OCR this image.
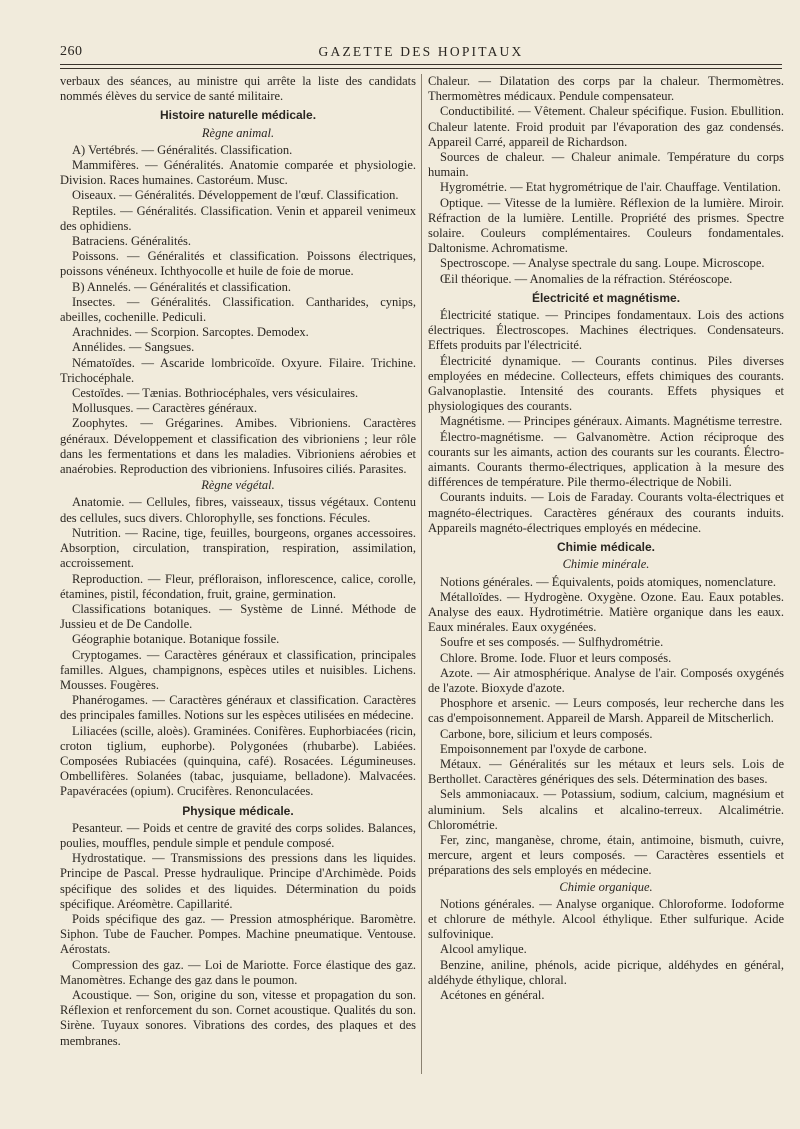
260	GAZETTE DES HOPITAUX

verbaux des séances, au ministre qui arrête la liste des candidats nommés élèves du service de santé militaire.

Histoire naturelle médicale.

Règne animal.

A) Vertébrés. — Généralités. Classification.

Mammifères. — Généralités. Anatomie comparée et physiologie. Division. Races humaines. Castoréum. Musc.

Oiseaux. — Généralités. Développement de l'œuf. Classification.

Reptiles. — Généralités. Classification. Venin et appareil venimeux des ophidiens.

Batraciens. Généralités.

Poissons. — Généralités et classification. Poissons électriques, poissons vénéneux. Ichthyocolle et huile de foie de morue.

B) Annelés. — Généralités et classification.

Insectes. — Généralités. Classification. Cantharides, cynips, abeilles, cochenille. Pediculi.

Arachnides. — Scorpion. Sarcoptes. Demodex.

Annélides. — Sangsues.

Nématoïdes. — Ascaride lombricoïde. Oxyure. Filaire. Trichine. Trichocéphale.

Cestoïdes. — Tænias. Bothriocéphales, vers vésiculaires.

Mollusques. — Caractères généraux.

Zoophytes. — Grégarines. Amibes. Vibrioniens. Caractères généraux. Développement et classification des vibrioniens ; leur rôle dans les fermentations et dans les maladies. Vibrioniens aérobies et anaérobies. Reproduction des vibrioniens. Infusoires ciliés. Parasites.

Règne végétal.

Anatomie. — Cellules, fibres, vaisseaux, tissus végétaux. Contenu des cellules, sucs divers. Chlorophylle, ses fonctions. Fécules.

Nutrition. — Racine, tige, feuilles, bourgeons, organes accessoires. Absorption, circulation, transpiration, respiration, assimilation, accroissement.

Reproduction. — Fleur, préfloraison, inflorescence, calice, corolle, étamines, pistil, fécondation, fruit, graine, germination.

Classifications botaniques. — Système de Linné. Méthode de Jussieu et de De Candolle.

Géographie botanique. Botanique fossile.

Cryptogames. — Caractères généraux et classification, principales familles. Algues, champignons, espèces utiles et nuisibles. Lichens. Mousses. Fougères.

Phanérogames. — Caractères généraux et classification. Caractères des principales familles. Notions sur les espèces utilisées en médecine.

Liliacées (scille, aloès). Graminées. Conifères. Euphorbiacées (ricin, croton tiglium, euphorbe). Polygonées (rhubarbe). Labiées. Composées Rubiacées (quinquina, café). Rosacées. Légumineuses. Ombellifères. Solanées (tabac, jusquiame, belladone). Malvacées. Papavéracées (opium). Crucifères. Renonculacées.

Physique médicale.

Pesanteur. — Poids et centre de gravité des corps solides. Balances, poulies, mouffles, pendule simple et pendule composé.

Hydrostatique. — Transmissions des pressions dans les liquides. Principe de Pascal. Presse hydraulique. Principe d'Archimède. Poids spécifique des solides et des liquides. Détermination du poids spécifique. Aréomètre. Capillarité.

Poids spécifique des gaz. — Pression atmosphérique. Baromètre. Siphon. Tube de Faucher. Pompes. Machine pneumatique. Ventouse. Aérostats.

Compression des gaz. — Loi de Mariotte. Force élastique des gaz. Manomètres. Echange des gaz dans le poumon.

Acoustique. — Son, origine du son, vitesse et propagation du son. Réflexion et renforcement du son. Cornet acoustique. Qualités du son. Sirène. Tuyaux sonores. Vibrations des cordes, des plaques et des membranes.

Chaleur. — Dilatation des corps par la chaleur. Thermomètres. Thermomètres médicaux. Pendule compensateur.

Conductibilité. — Vêtement. Chaleur spécifique. Fusion. Ebullition. Chaleur latente. Froid produit par l'évaporation des gaz condensés. Appareil Carré, appareil de Richardson.

Sources de chaleur. — Chaleur animale. Température du corps humain.

Hygrométrie. — Etat hygrométrique de l'air. Chauffage. Ventilation.

Optique. — Vitesse de la lumière. Réflexion de la lumière. Miroir. Réfraction de la lumière. Lentille. Propriété des prismes. Spectre solaire. Couleurs complémentaires. Couleurs fondamentales. Daltonisme. Achromatisme.

Spectroscope. — Analyse spectrale du sang. Loupe. Microscope.

Œil théorique. — Anomalies de la réfraction. Stéréoscope.

Électricité et magnétisme.

Électricité statique. — Principes fondamentaux. Lois des actions électriques. Électroscopes. Machines électriques. Condensateurs. Effets produits par l'électricité.

Électricité dynamique. — Courants continus. Piles diverses employées en médecine. Collecteurs, effets chimiques des courants. Galvanoplastie. Intensité des courants. Effets physiques et physiologiques des courants.

Magnétisme. — Principes généraux. Aimants. Magnétisme terrestre.

Électro-magnétisme. — Galvanomètre. Action réciproque des courants sur les aimants, action des courants sur les courants. Électro-aimants. Courants thermo-électriques, application à la mesure des différences de température. Pile thermo-électrique de Nobili.

Courants induits. — Lois de Faraday. Courants volta-électriques et magnéto-électriques. Caractères généraux des courants induits. Appareils magnéto-électriques employés en médecine.

Chimie médicale.

Chimie minérale.

Notions générales. — Équivalents, poids atomiques, nomenclature.

Métalloïdes. — Hydrogène. Oxygène. Ozone. Eau. Eaux potables. Analyse des eaux. Hydrotimétrie. Matière organique dans les eaux. Eaux minérales. Eaux oxygénées.

Soufre et ses composés. — Sulfhydrométrie.

Chlore. Brome. Iode. Fluor et leurs composés.

Azote. — Air atmosphérique. Analyse de l'air. Composés oxygénés de l'azote. Bioxyde d'azote.

Phosphore et arsenic. — Leurs composés, leur recherche dans les cas d'empoisonnement. Appareil de Marsh. Appareil de Mitscherlich.

Carbone, bore, silicium et leurs composés.

Empoisonnement par l'oxyde de carbone.

Métaux. — Généralités sur les métaux et leurs sels. Lois de Berthollet. Caractères génériques des sels. Détermination des bases.

Sels ammoniacaux. — Potassium, sodium, calcium, magnésium et aluminium. Sels alcalins et alcalino-terreux. Alcalimétrie. Chlorométrie.

Fer, zinc, manganèse, chrome, étain, antimoine, bismuth, cuivre, mercure, argent et leurs composés. — Caractères essentiels et préparations des sels employés en médecine.

Chimie organique.

Notions générales. — Analyse organique. Chloroforme. Iodoforme et chlorure de méthyle. Alcool éthylique. Ether sulfurique. Acide sulfovinique.

Alcool amylique.

Benzine, aniline, phénols, acide picrique, aldéhydes en général, aldéhyde éthylique, chloral.

Acétones en général.
